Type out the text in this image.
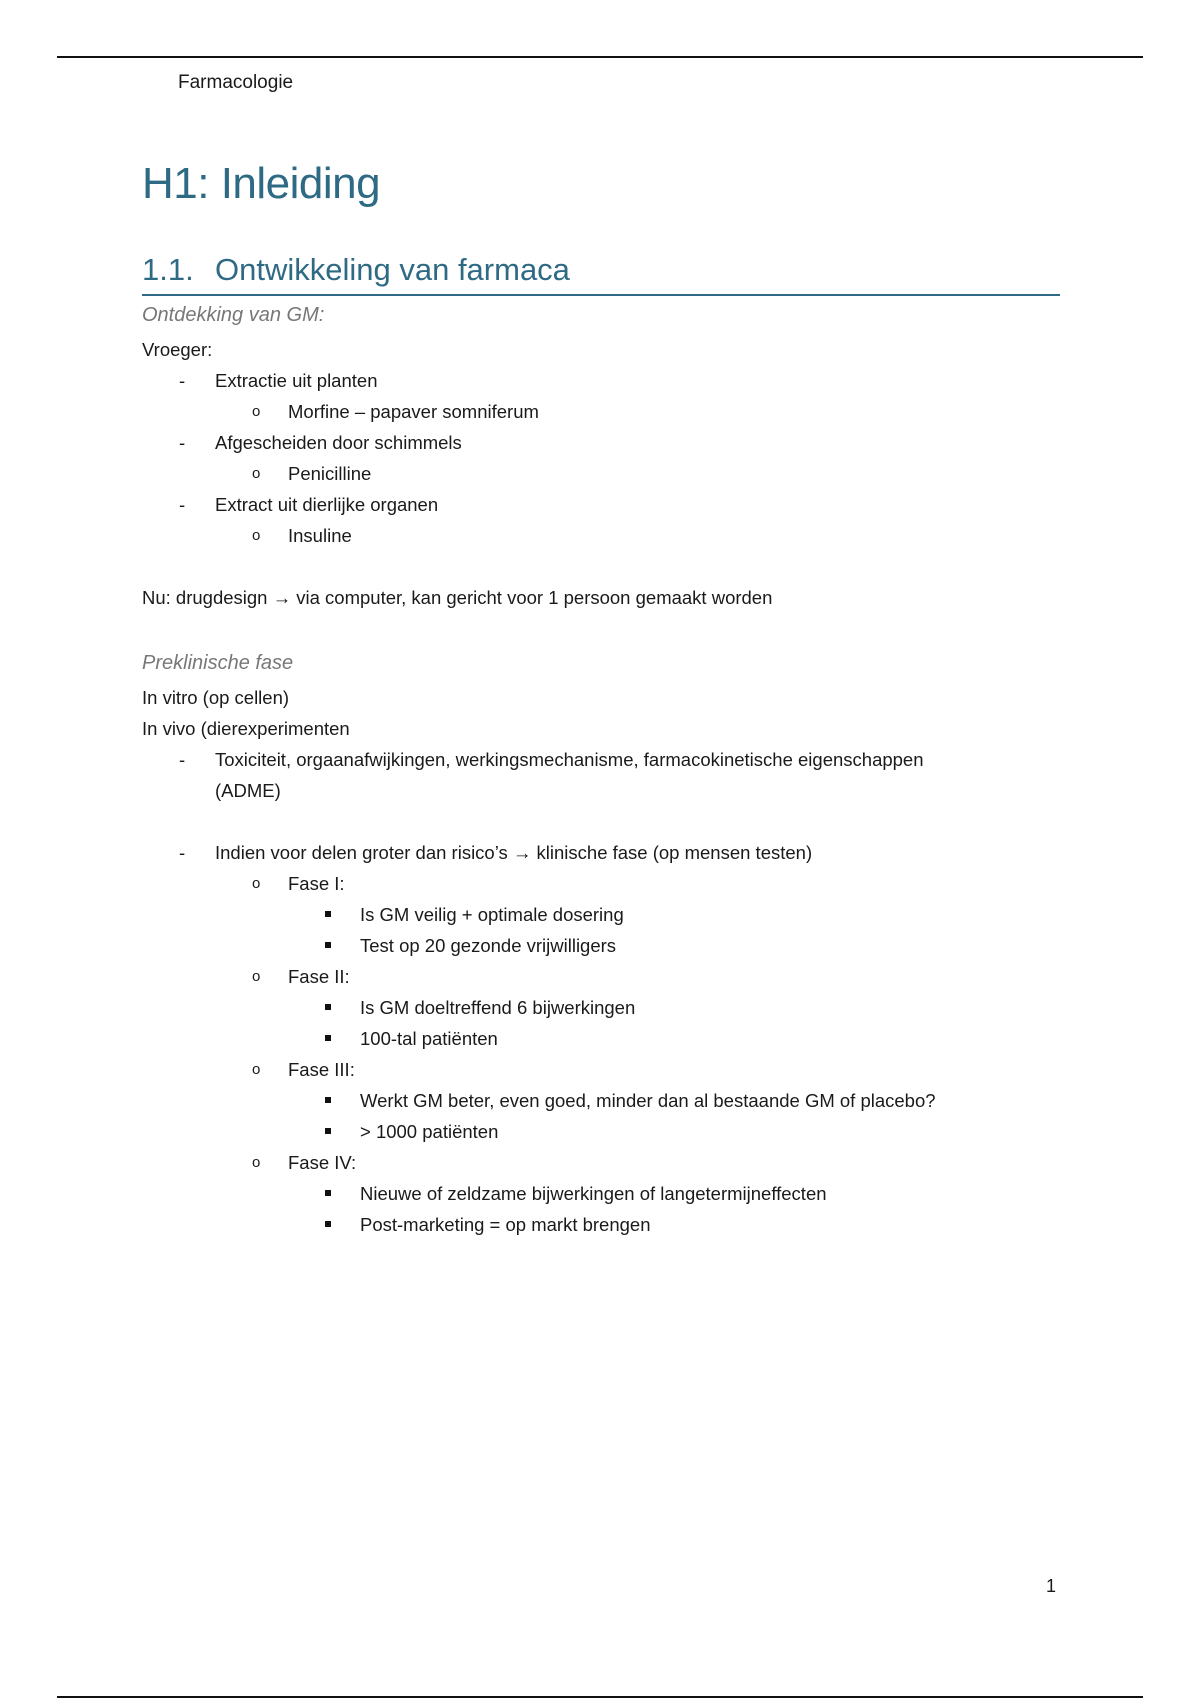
Farmacologie
H1: Inleiding
1.1. Ontwikkeling van farmaca
Ontdekking van GM:
Vroeger:
- Extractie uit planten
o Morfine – papaver somniferum
- Afgescheiden door schimmels
o Penicilline
- Extract uit dierlijke organen
o Insuline
Nu: drugdesign → via computer, kan gericht voor 1 persoon gemaakt worden
Preklinische fase
In vitro (op cellen)
In vivo (dierexperimenten
- Toxiciteit, orgaanafwijkingen, werkingsmechanisme, farmacokinetische eigenschappen
(ADME)
- Indien voor delen groter dan risico’s → klinische fase (op mensen testen)
o Fase I:
Is GM veilig + optimale dosering
Test op 20 gezonde vrijwilligers
o Fase II:
Is GM doeltreffend 6 bijwerkingen
100-tal patiënten
o Fase III:
Werkt GM beter, even goed, minder dan al bestaande GM of placebo?
> 1000 patiënten
o Fase IV:
Nieuwe of zeldzame bijwerkingen of langetermijneffecten
Post-marketing = op markt brengen
1
